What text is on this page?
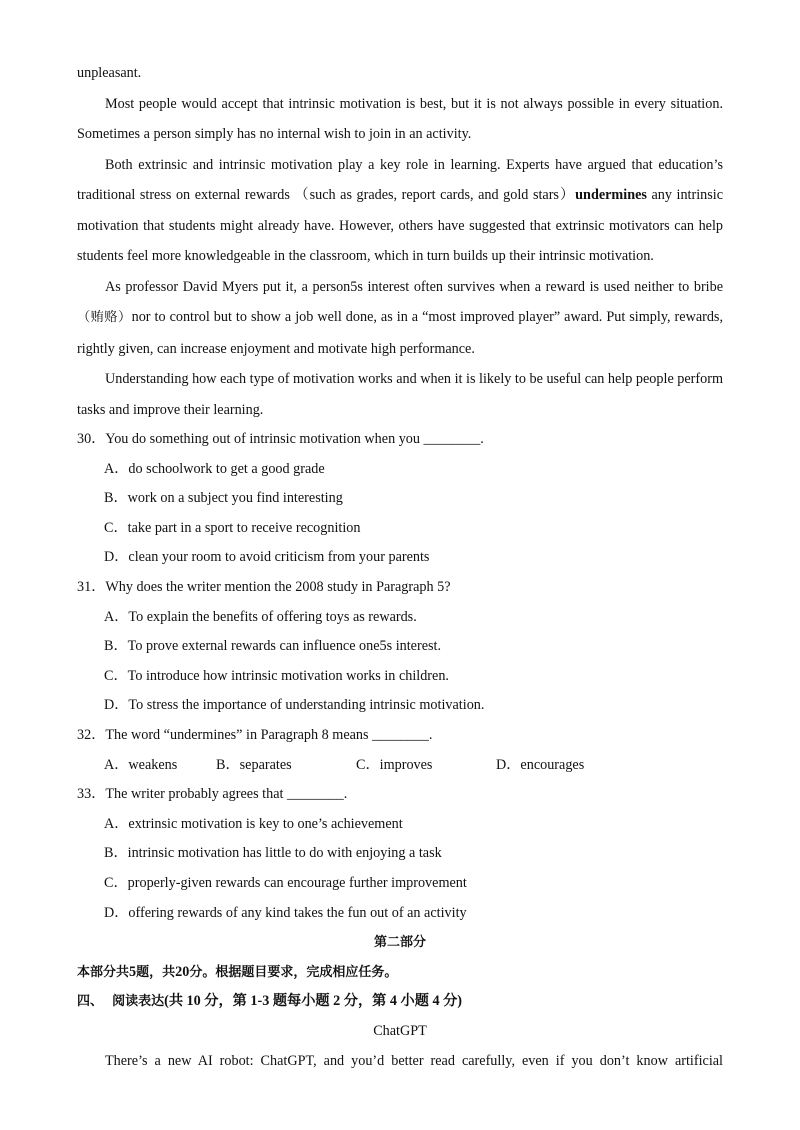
unpleasant.

Most people would accept that intrinsic motivation is best, but it is not always possible in every situation. Sometimes a person simply has no internal wish to join in an activity.

Both extrinsic and intrinsic motivation play a key role in learning. Experts have argued that education’s traditional stress on external rewards （such as grades, report cards, and gold stars）undermines any intrinsic motivation that students might already have. However, others have suggested that extrinsic motivators can help students feel more knowledgeable in the classroom, which in turn builds up their intrinsic motivation.

As professor David Myers put it, a person5s interest often survives when a reward is used neither to bribe （贿赂）nor to control but to show a job well done, as in a “most improved player” award. Put simply, rewards, rightly given, can increase enjoyment and motivate high performance.

Understanding how each type of motivation works and when it is likely to be useful can help people perform tasks and improve their learning.

30．You do something out of intrinsic motivation when you ________.

A．do schoolwork to get a good grade

B．work on a subject you find interesting

C．take part in a sport to receive recognition

D．clean your room to avoid criticism from your parents

31．Why does the writer mention the 2008 study in Paragraph 5?

A．To explain the benefits of offering toys as rewards.

B．To prove external rewards can influence one5s interest.

C．To introduce how intrinsic motivation works in children.

D．To stress the importance of understanding intrinsic motivation.

32．The word “undermines” in Paragraph 8 means ________.

A．weakens	B．separates	C．improves	D．encourages

33．The writer probably agrees that ________.

A．extrinsic motivation is key to one’s achievement

B．intrinsic motivation has little to do with enjoying a task

C．properly-given rewards can encourage further improvement

D．offering rewards of any kind takes the fun out of an activity

第二部分

本部分共5题，共20分。根据题目要求，完成相应任务。

四、 阅读表达(共 10 分，第 1-3 题每小题 2 分，第 4 小题 4 分)

ChatGPT

There’s a new AI robot: ChatGPT, and you’d better read carefully, even if you don’t know artificial
